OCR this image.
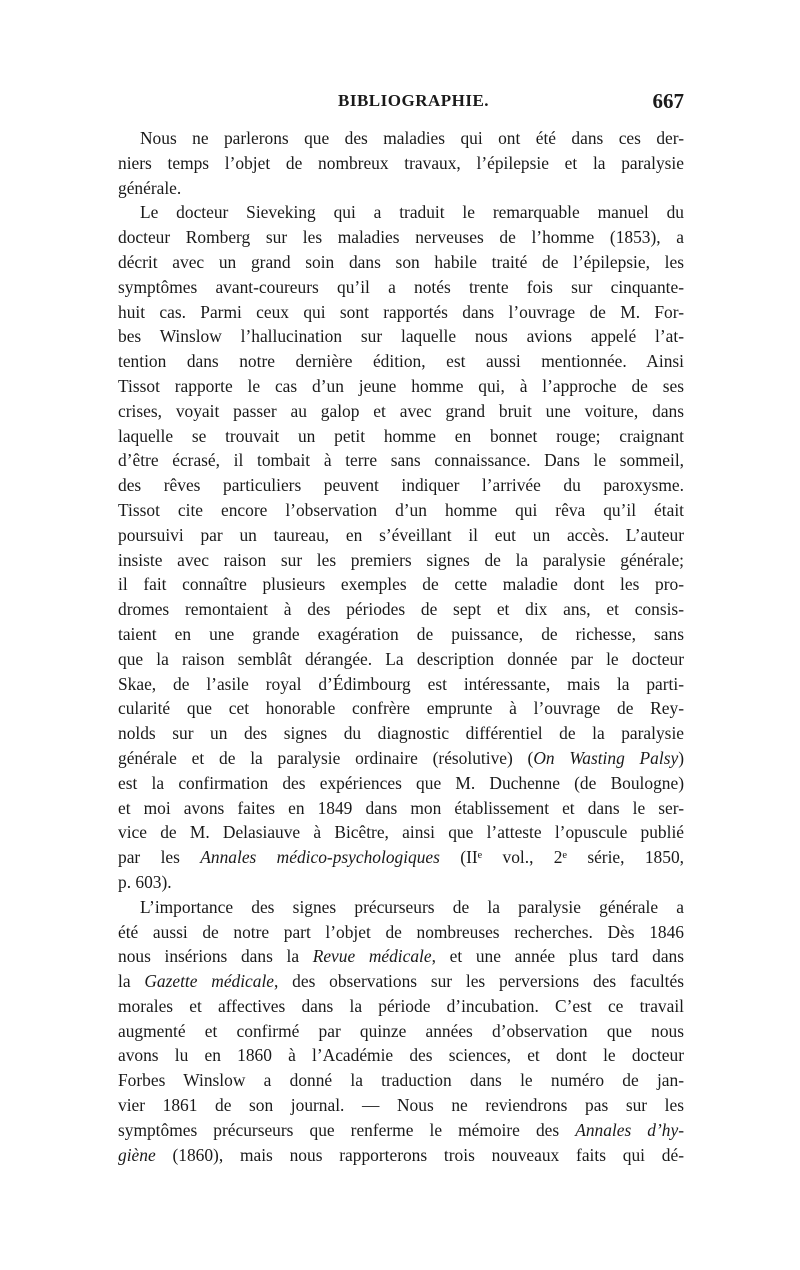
BIBLIOGRAPHIE.	667
Nous ne parlerons que des maladies qui ont été dans ces der-
niers temps l’objet de nombreux travaux, l’épilepsie et la paralysie
générale.
Le docteur Sieveking qui a traduit le remarquable manuel du
docteur Romberg sur les maladies nerveuses de l’homme (1853), a
décrit avec un grand soin dans son habile traité de l’épilepsie, les
symptômes avant-coureurs qu’il a notés trente fois sur cinquante-
huit cas. Parmi ceux qui sont rapportés dans l’ouvrage de M. For-
bes Winslow l’hallucination sur laquelle nous avions appelé l’at-
tention dans notre dernière édition, est aussi mentionnée. Ainsi
Tissot rapporte le cas d’un jeune homme qui, à l’approche de ses
crises, voyait passer au galop et avec grand bruit une voiture, dans
laquelle se trouvait un petit homme en bonnet rouge; craignant
d’être écrasé, il tombait à terre sans connaissance. Dans le sommeil,
des rêves particuliers peuvent indiquer l’arrivée du paroxysme.
Tissot cite encore l’observation d’un homme qui rêva qu’il était
poursuivi par un taureau, en s’éveillant il eut un accès. L’auteur
insiste avec raison sur les premiers signes de la paralysie générale;
il fait connaître plusieurs exemples de cette maladie dont les pro-
dromes remontaient à des périodes de sept et dix ans, et consis-
taient en une grande exagération de puissance, de richesse, sans
que la raison semblât dérangée. La description donnée par le docteur
Skae, de l’asile royal d’Édimbourg est intéressante, mais la parti-
cularité que cet honorable confrère emprunte à l’ouvrage de Rey-
nolds sur un des signes du diagnostic différentiel de la paralysie
générale et de la paralysie ordinaire (résolutive) (On Wasting Palsy)
est la confirmation des expériences que M. Duchenne (de Boulogne)
et moi avons faites en 1849 dans mon établissement et dans le ser-
vice de M. Delasiauve à Bicêtre, ainsi que l’atteste l’opuscule publié
par les Annales médico-psychologiques (IIᵉ vol., 2ᵉ série, 1850,
p. 603).
L’importance des signes précurseurs de la paralysie générale a
été aussi de notre part l’objet de nombreuses recherches. Dès 1846
nous insérions dans la Revue médicale, et une année plus tard dans
la Gazette médicale, des observations sur les perversions des facultés
morales et affectives dans la période d’incubation. C’est ce travail
augmenté et confirmé par quinze années d’observation que nous
avons lu en 1860 à l’Académie des sciences, et dont le docteur
Forbes Winslow a donné la traduction dans le numéro de jan-
vier 1861 de son journal. — Nous ne reviendrons pas sur les
symptômes précurseurs que renferme le mémoire des Annales d’hy-
giène (1860), mais nous rapporterons trois nouveaux faits qui dé-
